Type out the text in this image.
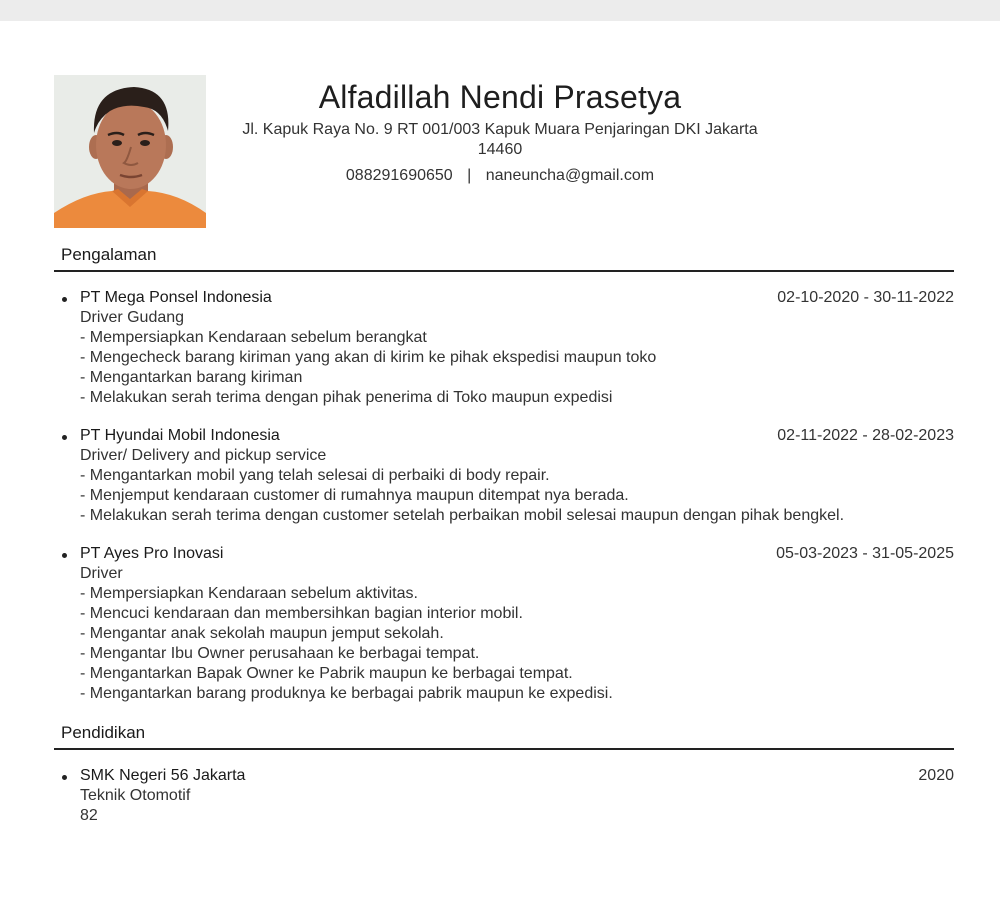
Alfadillah Nendi Prasetya
Jl. Kapuk Raya No. 9 RT 001/003 Kapuk Muara Penjaringan DKI Jakarta 14460
088291690650 | naneuncha@gmail.com
Pengalaman
PT Mega Ponsel Indonesia	02-10-2020 - 30-11-2022
Driver Gudang
- Mempersiapkan Kendaraan sebelum berangkat
- Mengecheck barang kiriman yang akan di kirim ke pihak ekspedisi maupun toko
- Mengantarkan barang kiriman
- Melakukan serah terima dengan pihak penerima di Toko maupun expedisi
PT Hyundai Mobil Indonesia	02-11-2022 - 28-02-2023
Driver/ Delivery and pickup service
- Mengantarkan mobil yang telah selesai di perbaiki di body repair.
- Menjemput kendaraan customer di rumahnya maupun ditempat nya berada.
- Melakukan serah terima dengan customer setelah perbaikan mobil selesai maupun dengan pihak bengkel.
PT Ayes Pro Inovasi	05-03-2023 - 31-05-2025
Driver
- Mempersiapkan Kendaraan sebelum aktivitas.
- Mencuci kendaraan dan membersihkan bagian interior mobil.
- Mengantar anak sekolah maupun jemput sekolah.
- Mengantar Ibu Owner perusahaan ke berbagai tempat.
- Mengantarkan Bapak Owner ke Pabrik maupun ke berbagai tempat.
- Mengantarkan barang produknya ke berbagai pabrik maupun ke expedisi.
Pendidikan
SMK Negeri 56 Jakarta	2020
Teknik Otomotif
82
